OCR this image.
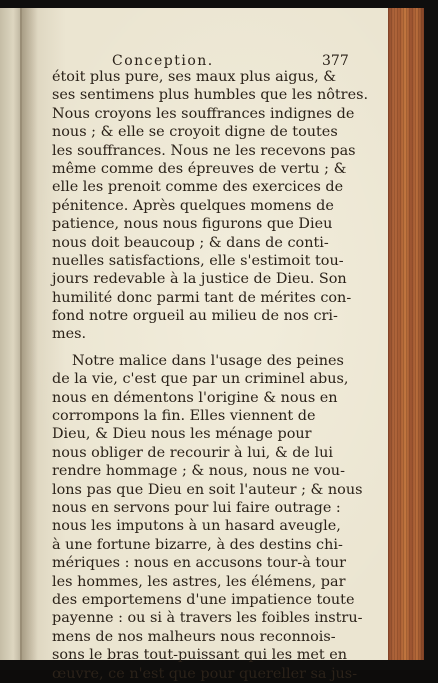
Conception.	377
étoit plus pure, ses maux plus aigus, &
ses sentimens plus humbles que les nôtres.
Nous croyons les souffrances indignes de
nous ; & elle se croyoit digne de toutes
les souffrances. Nous ne les recevons pas
même comme des épreuves de vertu ; &
elle les prenoit comme des exercices de
pénitence. Après quelques momens de
patience, nous nous figurons que Dieu
nous doit beaucoup ; & dans de conti-
nuelles satisfactions, elle s'estimoit tou-
jours redevable à la justice de Dieu. Son
humilité donc parmi tant de mérites con-
fond notre orgueil au milieu de nos cri-
mes.
Notre malice dans l'usage des peines
de la vie, c'est que par un criminel abus,
nous en démentons l'origine & nous en
corrompons la fin. Elles viennent de
Dieu, & Dieu nous les ménage pour
nous obliger de recourir à lui, & de lui
rendre hommage ; & nous, nous ne vou-
lons pas que Dieu en soit l'auteur ; & nous
nous en servons pour lui faire outrage :
nous les imputons à un hasard aveugle,
à une fortune bizarre, à des destins chi-
mériques : nous en accusons tour-à tour
les hommes, les astres, les élémens, par
des emportemens d'une impatience toute
payenne : ou si à travers les foibles instru-
mens de nos malheurs nous reconnois-
sons le bras tout-puissant qui les met en
œuvre, ce n'est que pour quereller sa jus-
